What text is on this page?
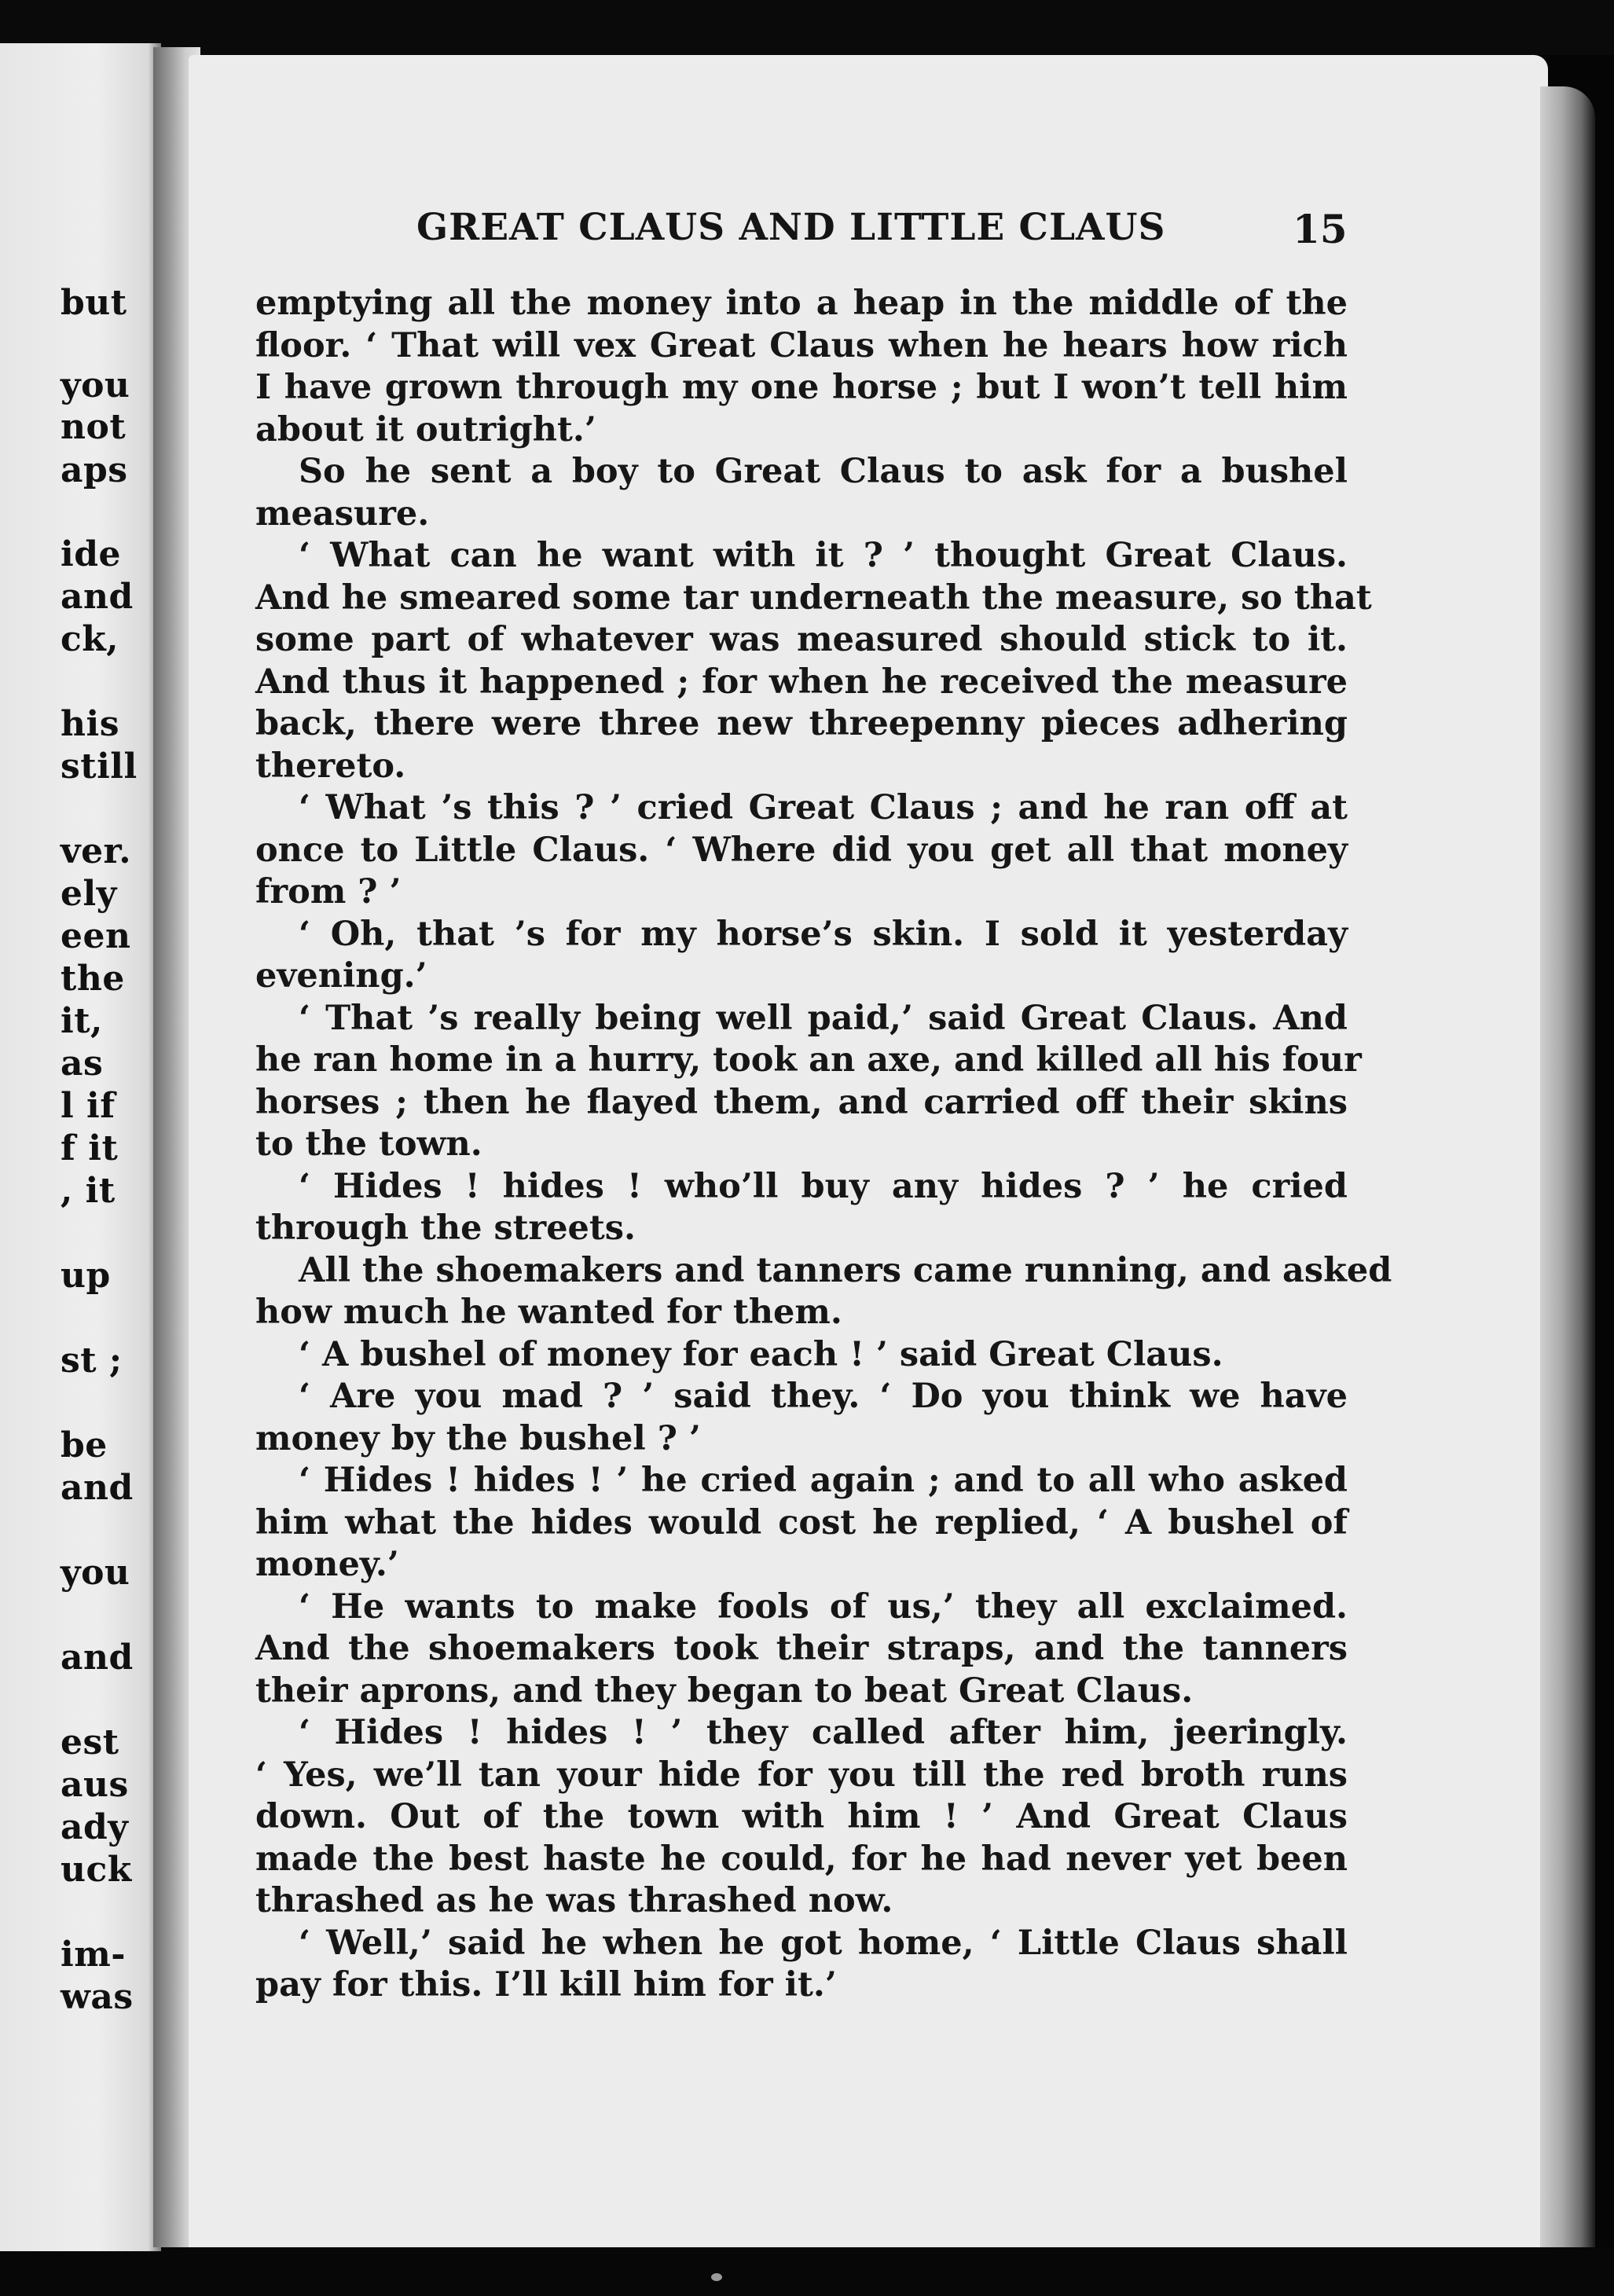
but
you
not
aps
ide
and
ck,
his
still
ver.
ely
een
the
it,
as
l if
f it
, it
up
st ;
be
and
you
and
est
aus
ady
uck
im-
was
GREAT CLAUS AND LITTLE CLAUS	15
emptying all the money into a heap in the middle of the
floor. ‘ That will vex Great Claus when he hears how rich
I have grown through my one horse ; but I won’t tell him
about it outright.’
So he sent a boy to Great Claus to ask for a bushel
measure.
‘ What can he want with it ? ’ thought Great Claus.
And he smeared some tar underneath the measure, so that
some part of whatever was measured should stick to it.
And thus it happened ; for when he received the measure
back, there were three new threepenny pieces adhering
thereto.
‘ What ’s this ? ’ cried Great Claus ; and he ran off at
once to Little Claus. ‘ Where did you get all that money
from ? ’
‘ Oh, that ’s for my horse’s skin. I sold it yesterday
evening.’
‘ That ’s really being well paid,’ said Great Claus. And
he ran home in a hurry, took an axe, and killed all his four
horses ; then he flayed them, and carried off their skins
to the town.
‘ Hides ! hides ! who’ll buy any hides ? ’ he cried
through the streets.
All the shoemakers and tanners came running, and asked
how much he wanted for them.
‘ A bushel of money for each ! ’ said Great Claus.
‘ Are you mad ? ’ said they. ‘ Do you think we have
money by the bushel ? ’
‘ Hides ! hides ! ’ he cried again ; and to all who asked
him what the hides would cost he replied, ‘ A bushel of
money.’
‘ He wants to make fools of us,’ they all exclaimed.
And the shoemakers took their straps, and the tanners
their aprons, and they began to beat Great Claus.
‘ Hides ! hides ! ’ they called after him, jeeringly.
‘ Yes, we’ll tan your hide for you till the red broth runs
down. Out of the town with him ! ’ And Great Claus
made the best haste he could, for he had never yet been
thrashed as he was thrashed now.
‘ Well,’ said he when he got home, ‘ Little Claus shall
pay for this. I’ll kill him for it.’
